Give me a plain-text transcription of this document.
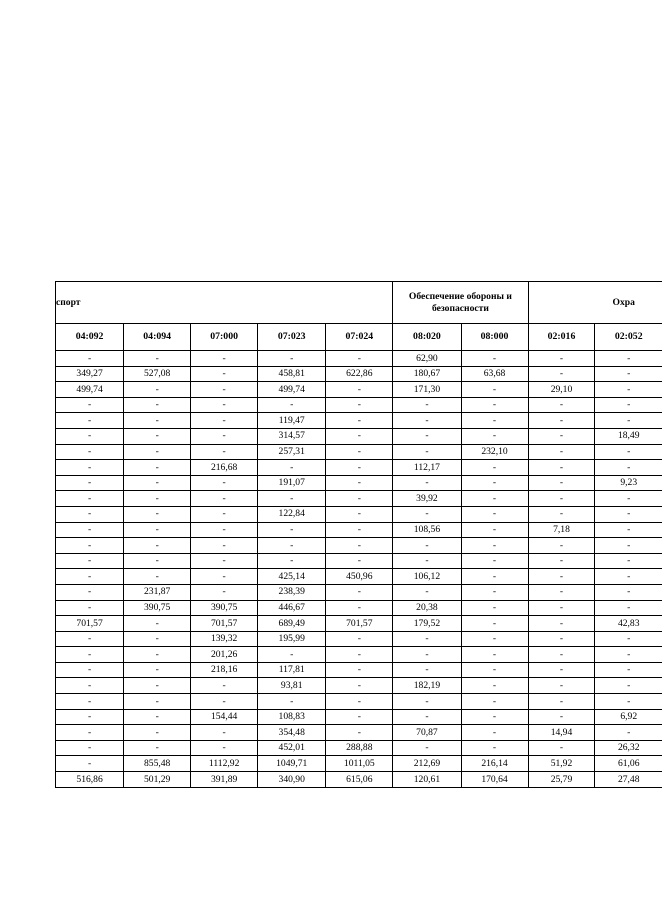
спорт					Обеспечение обороны и безопасности		Охра	
04:092	04:094	07:000	07:023	07:024	08:020	08:000	02:016	02:052
-	-	-	-	-	62,90	-	-	-
349,27	527,08	-	458,81	622,86	180,67	63,68	-	-
499,74	-	-	499,74	-	171,30	-	29,10	-
-	-	-	-	-	-	-	-	-
-	-	-	119,47	-	-	-	-	-
-	-	-	314,57	-	-	-	-	18,49
-	-	-	257,31	-	-	232,10	-	-
-	-	216,68	-	-	112,17	-	-	-
-	-	-	191,07	-	-	-	-	9,23
-	-	-	-	-	39,92	-	-	-
-	-	-	122,84	-	-	-	-	-
-	-	-	-	-	108,56	-	7,18	-
-	-	-	-	-	-	-	-	-
-	-	-	-	-	-	-	-	-
-	-	-	425,14	450,96	106,12	-	-	-
-	231,87	-	238,39	-	-	-	-	-
-	390,75	390,75	446,67	-	20,38	-	-	-
701,57	-	701,57	689,49	701,57	179,52	-	-	42,83
-	-	139,32	195,99	-	-	-	-	-
-	-	201,26	-	-	-	-	-	-
-	-	218,16	117,81	-	-	-	-	-
-	-	-	93,81	-	182,19	-	-	-
-	-	-	-	-	-	-	-	-
-	-	154,44	108,83	-	-	-	-	6,92
-	-	-	354,48	-	70,87	-	14,94	-
-	-	-	452,01	288,88	-	-	-	26,32
-	855,48	1112,92	1049,71	1011,05	212,69	216,14	51,92	61,06
516,86	501,29	391,89	340,90	615,06	120,61	170,64	25,79	27,48
